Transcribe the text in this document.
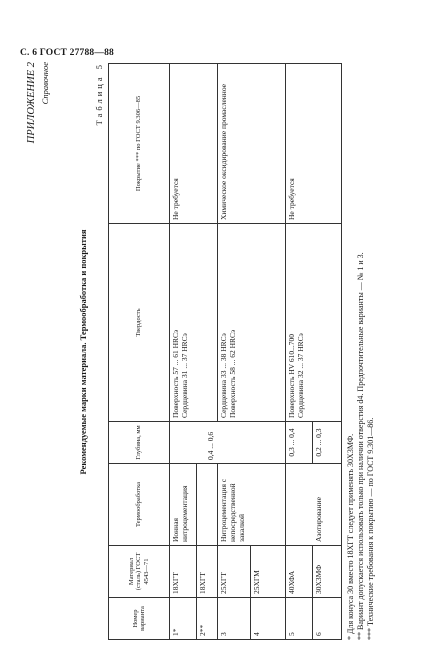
С. 6 ГОСТ 27788—88
ПРИЛОЖЕНИЕ 2 Справочное
Рекомендуемые марки материала. Термообработка и покрытия
Таблица 5
Номер варианта	Материал (сталь) ГОСТ 4543—71	Термообработка	Глубина, мм	Твердость	Покрытие *** по ГОСТ 9.306—85
1*	18ХГТ	Ионная нитроцементация		Поверхность 57 ... 61 HRCэ Сердцевина 31 ... 37 HRCэ	Не требуется
2**	18ХГТ		0,4 ... 0,6		
3	25ХГТ	Нитроцементация с непосредственной закалкой		Сердцевина 33 ... 38 HRCэ Поверхность 58 ... 62 HRCэ	Химическое оксидирование промасленное
4	25ХГМ				
5	40ХФА		0,3 ... 0,4	Поверхность HV 610...700 Сердцевина 32 ... 37 HRCэ	Не требуется
6	30Х3МФ	Азотирование	0,2 ... 0,3			* Для конуса 30 вместо 18ХГТ следует применять 30Х3МФ. ** Вариант допускается использовать только при наличии отверстия d4. Предпочтительные варианты — № 1 и 3. *** Технические требования к покрытию — по ГОСТ 9.301—86.
